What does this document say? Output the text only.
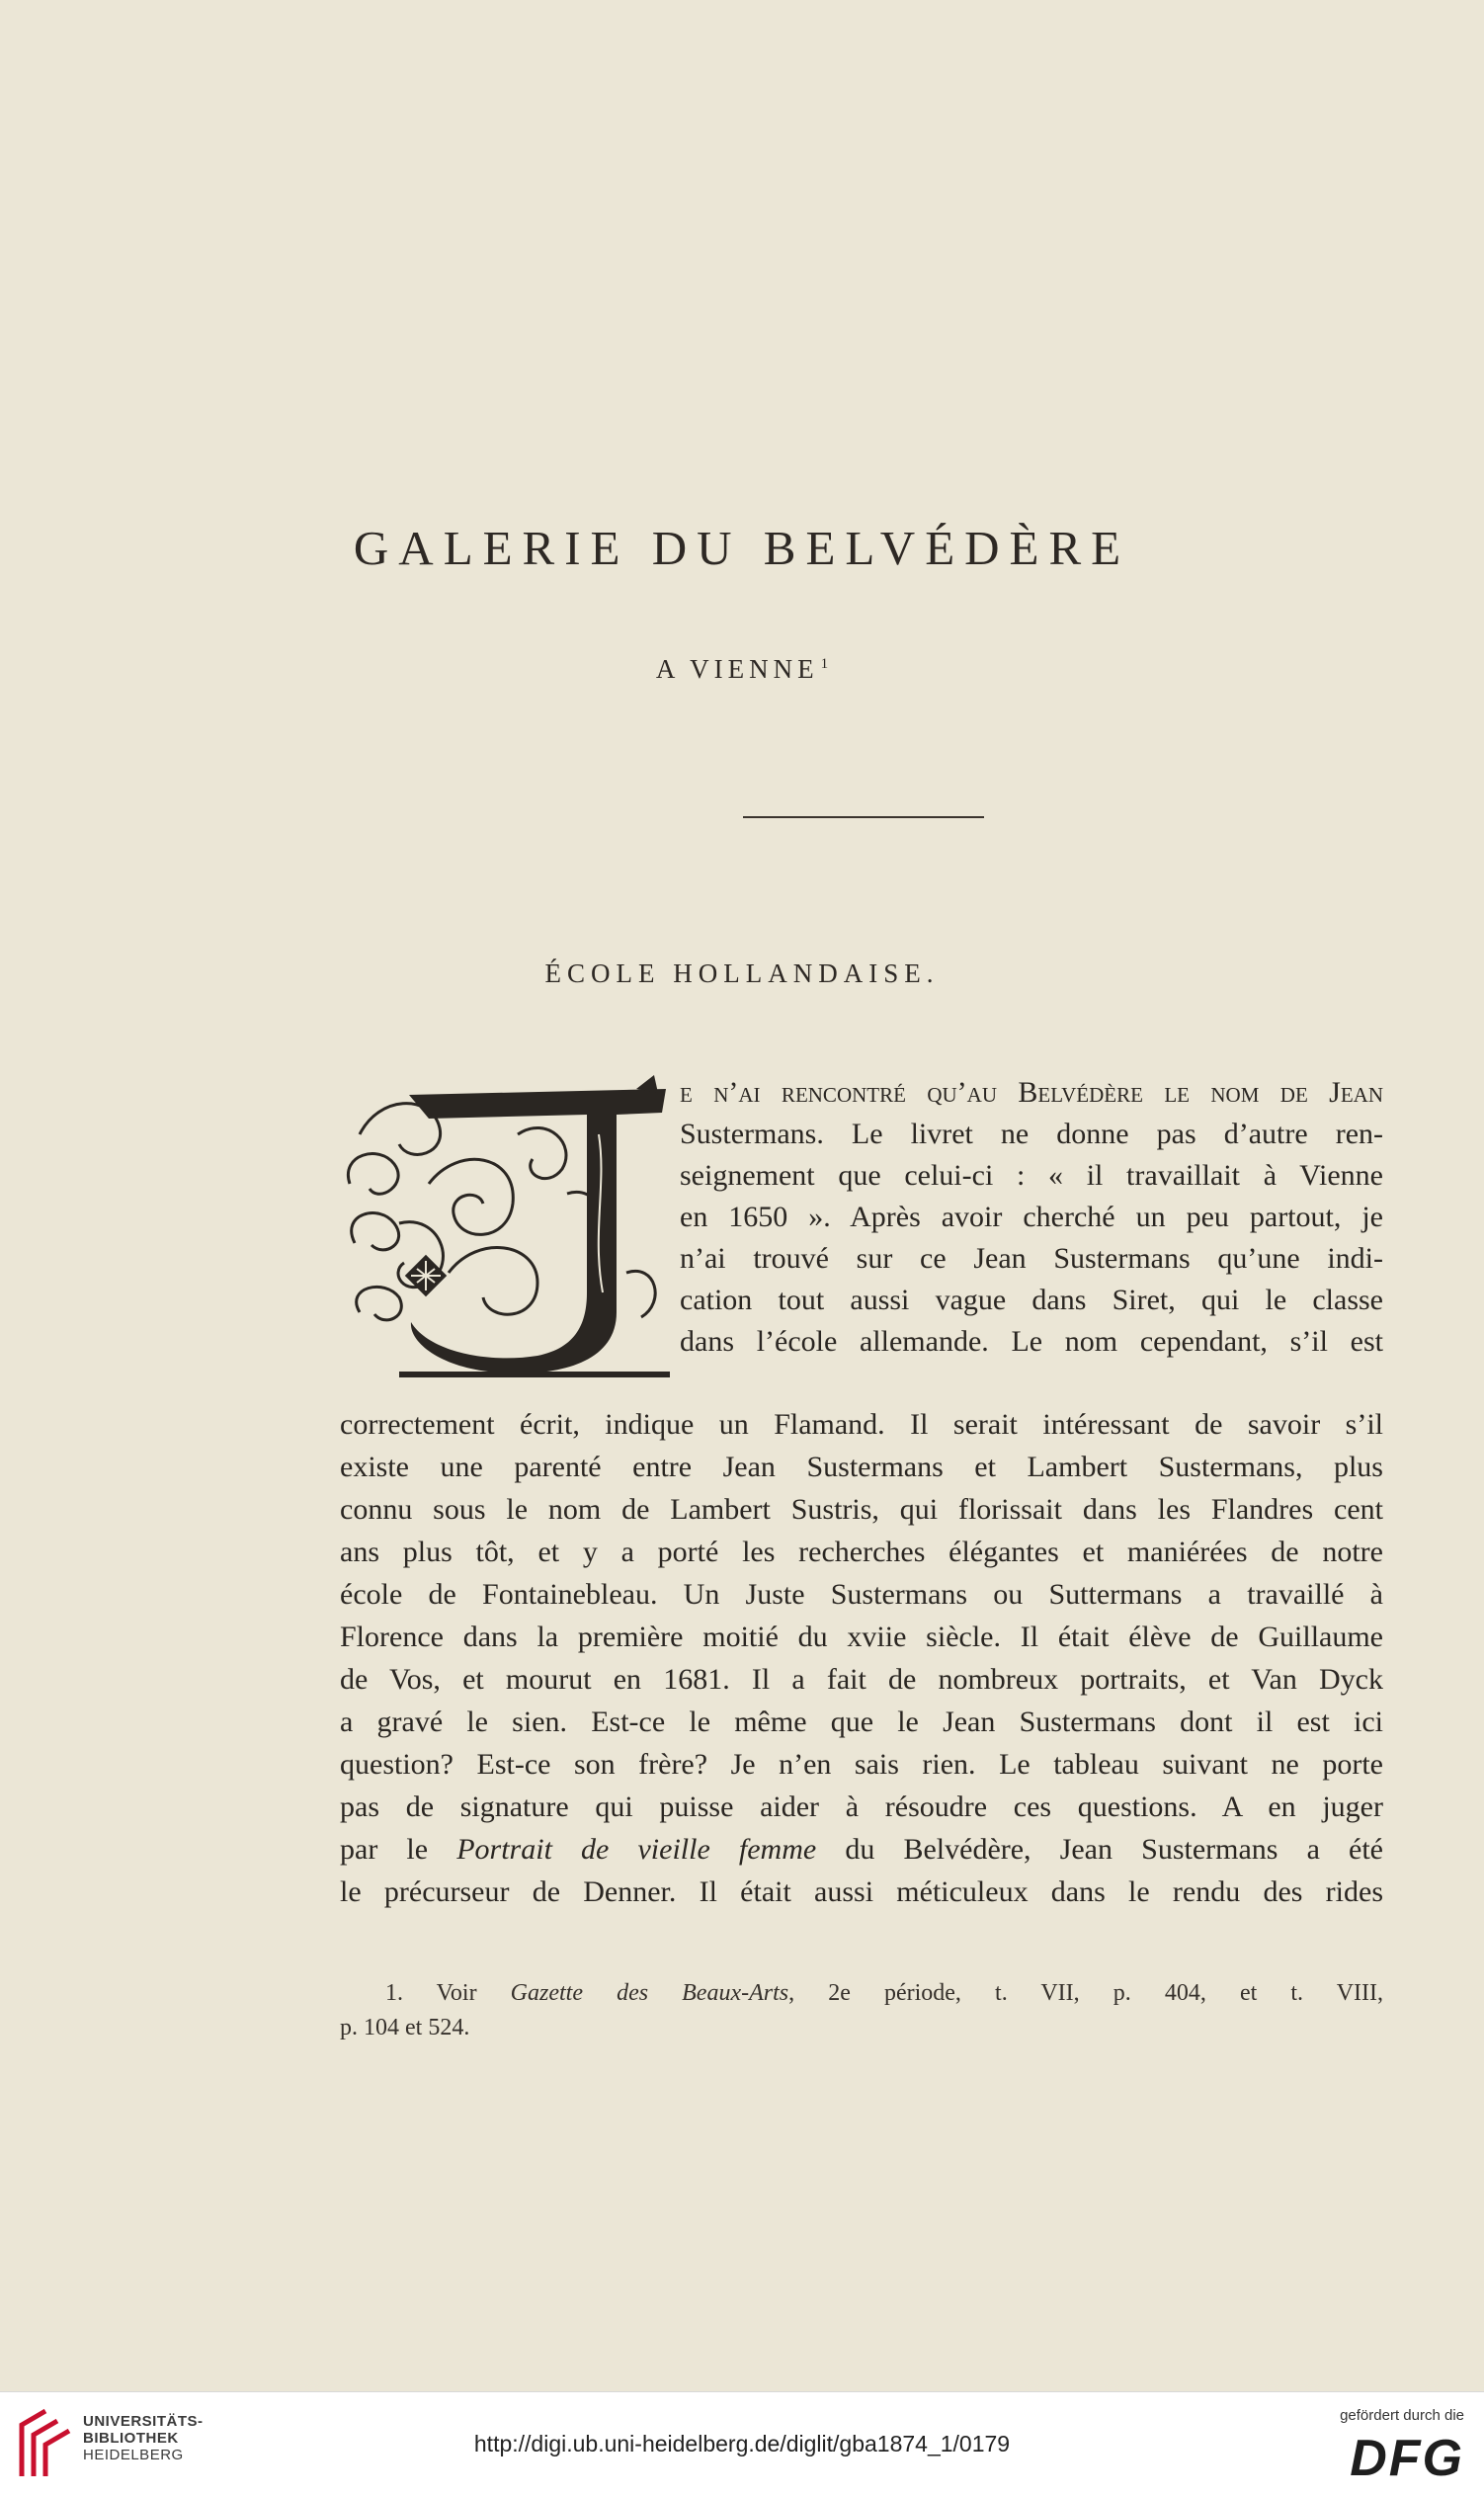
GALERIE DU BELVÉDÈRE
A VIENNE $^1$
ÉCOLE HOLLANDAISE.
e n’ai rencontré qu’au Belvédère le nom de Jean
Sustermans. Le livret ne donne pas d’autre ren-
seignement que celui-ci : « il travaillait à Vienne
en 1650 ». Après avoir cherché un peu partout, je
n’ai trouvé sur ce Jean Sustermans qu’une indi-
cation tout aussi vague dans Siret, qui le classe
dans l’école allemande. Le nom cependant, s’il est
correctement écrit, indique un Flamand. Il serait intéressant de savoir s’il
existe une parenté entre Jean Sustermans et Lambert Sustermans, plus
connu sous le nom de Lambert Sustris, qui florissait dans les Flandres cent
ans plus tôt, et y a porté les recherches élégantes et maniérées de notre
école de Fontainebleau. Un Juste Sustermans ou Suttermans a travaillé à
Florence dans la première moitié du xviie siècle. Il était élève de Guillaume
de Vos, et mourut en 1681. Il a fait de nombreux portraits, et Van Dyck
a gravé le sien. Est-ce le même que le Jean Sustermans dont il est ici
question? Est-ce son frère? Je n’en sais rien. Le tableau suivant ne porte
pas de signature qui puisse aider à résoudre ces questions. A en juger
par le Portrait de vieille femme du Belvédère, Jean Sustermans a été
le précurseur de Denner. Il était aussi méticuleux dans le rendu des rides
1. Voir Gazette des Beaux-Arts, 2e période, t. VII, p. 404, et t. VIII,
p. 104 et 524.
UNIVERSITÄTS-
BIBLIOTHEK
HEIDELBERG	http://digi.ub.uni-heidelberg.de/diglit/gba1874_1/0179
gefördert durch die
DFG
